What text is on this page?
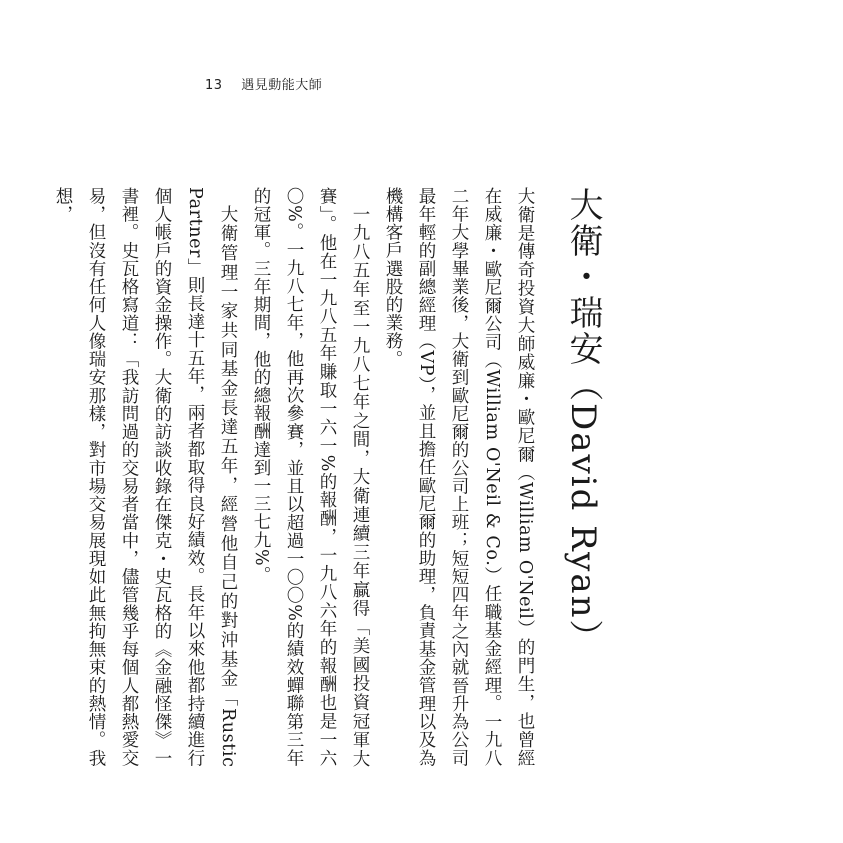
13 遇見動能大師
大衛・瑞安（David Ryan）

大衛是傳奇投資大師威廉・歐尼爾（William O'Neil）的門生，也曾經在威廉・歐尼爾公司（William O'Neil & Co.）任職基金經理。一九八二年大學畢業後，大衛到歐尼爾的公司上班；短短四年之內就晉升為公司最年輕的副總經理（VP），並且擔任歐尼爾的助理，負責基金管理以及為機構客戶選股的業務。

一九八五年至一九八七年之間，大衛連續三年贏得「美國投資冠軍大賽」。他在一九八五年賺取一六一%的報酬，一九八六年的報酬也是一六〇%。一九八七年，他再次參賽，並且以超過一〇〇%的績效蟬聯第三年的冠軍。三年期間，他的總報酬達到一三七九%。

大衛管理一家共同基金長達五年，經營他自己的對沖基金「Rustic Partner」則長達十五年，兩者都取得良好績效。長年以來他都持續進行個人帳戶的資金操作。大衛的訪談收錄在傑克・史瓦格的《金融怪傑》一書裡。史瓦格寫道：「我訪問過的交易者當中，儘管幾乎每個人都熱愛交易，但沒有任何人像瑞安那樣，對市場交易展現如此無拘無束的熱情。我想，
